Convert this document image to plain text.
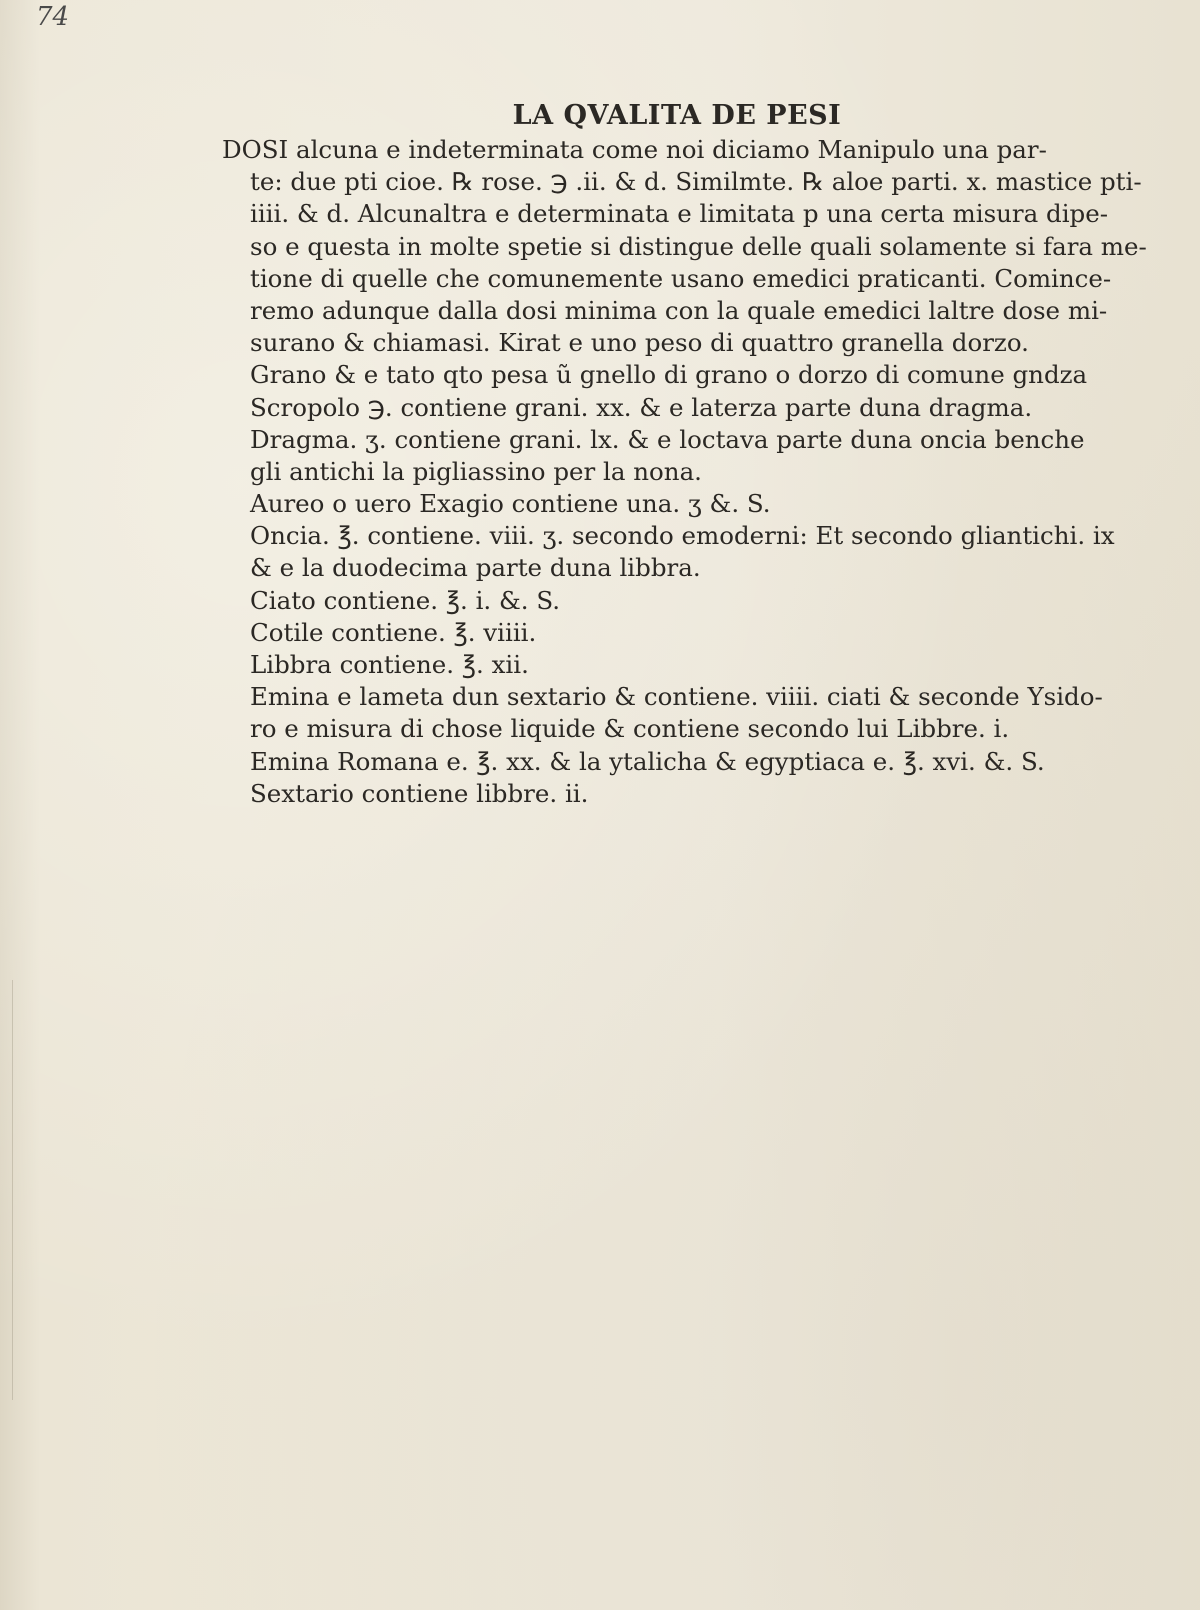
74
LA QVALITA DE PESI
DOSI alcuna e indeterminata come noi diciamo Manipulo una par-
te: due pti cioe. ℞ rose. ℈ .ii. & d. Similmte. ℞ aloe parti. x. mastice pti-
iiii. & d. Alcunaltra e determinata e limitata p una certa misura dipe-
so e questa in molte spetie si distingue delle quali solamente si fara me-
tione di quelle che comunemente usano emedici praticanti. Comince-
remo adunque dalla dosi minima con la quale emedici laltre dose mi-
surano & chiamasi. Kirat e uno peso di quattro granella dorzo.
Grano & e tato qto pesa ũ gnello di grano o dorzo di comune gndza
Scropolo ℈. contiene grani. xx. & e laterza parte duna dragma.
Dragma. ʒ. contiene grani. lx. & e loctava parte duna oncia benche
gli antichi la pigliassino per la nona.
Aureo o uero Exagio contiene una. ʒ &. S.
Oncia. ℥. contiene. viii. ʒ. secondo emoderni: Et secondo gliantichi. ix
& e la duodecima parte duna libbra.
Ciato contiene. ℥. i. &. S.
Cotile contiene. ℥. viiii.
Libbra contiene. ℥. xii.
Emina e lameta dun sextario & contiene. viiii. ciati & seconde Ysido-
ro e misura di chose liquide & contiene secondo lui Libbre. i.
Emina Romana e. ℥. xx. & la ytalicha & egyptiaca e. ℥. xvi. &. S.
Sextario contiene libbre. ii.
